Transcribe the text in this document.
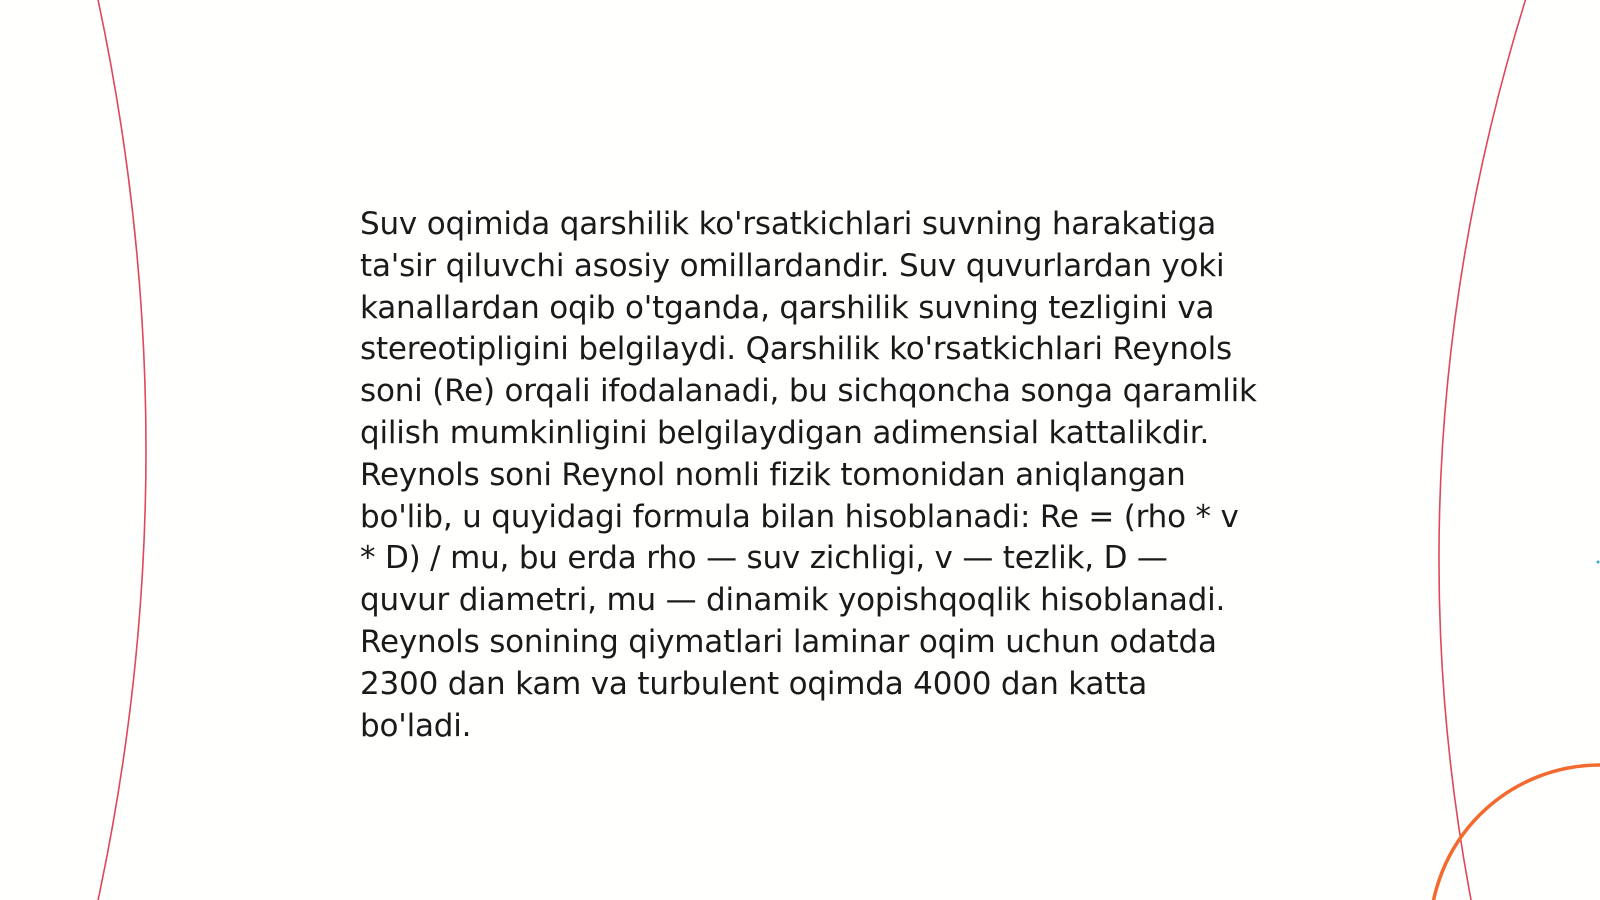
Suv oqimida qarshilik ko'rsatkichlari suvning harakatiga ta'sir qiluvchi asosiy omillardandir. Suv quvurlardan yoki kanallardan oqib o'tganda, qarshilik suvning tezligini va stereotipligini belgilaydi. Qarshilik ko'rsatkichlari Reynols soni (Re) orqali ifodalanadi, bu sichqoncha songa qaramlik qilish mumkinligini belgilaydigan adimensial kattalikdir. Reynols soni Reynol nomli fizik tomonidan aniqlangan bo'lib, u quyidagi formula bilan hisoblanadi: Re = (rho * v * D) / mu, bu erda rho — suv zichligi, v — tezlik, D — quvur diametri, mu — dinamik yopishqoqlik hisoblanadi. Reynols sonining qiymatlari laminar oqim uchun odatda 2300 dan kam va turbulent oqimda 4000 dan katta bo'ladi.
